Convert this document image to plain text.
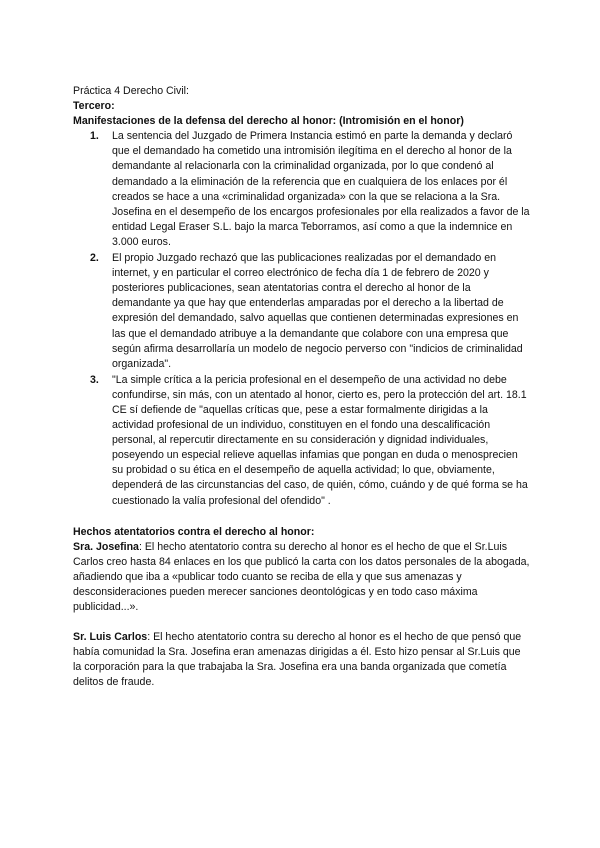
Práctica 4 Derecho Civil:

Tercero:

Manifestaciones de la defensa del derecho al honor: (Intromisión en el honor)

1. La sentencia del Juzgado de Primera Instancia estimó en parte la demanda y declaró que el demandado ha cometido una intromisión ilegítima en el derecho al honor de la demandante al relacionarla con la criminalidad organizada, por lo que condenó al demandado a la eliminación de la referencia que en cualquiera de los enlaces por él creados se hace a una «criminalidad organizada» con la que se relaciona a la Sra. Josefina en el desempeño de los encargos profesionales por ella realizados a favor de la entidad Legal Eraser S.L. bajo la marca Teborramos, así como a que la indemnice en 3.000 euros.
2. El propio Juzgado rechazó que las publicaciones realizadas por el demandado en internet, y en particular el correo electrónico de fecha día 1 de febrero de 2020 y posteriores publicaciones, sean atentatorias contra el derecho al honor de la demandante ya que hay que entenderlas amparadas por el derecho a la libertad de expresión del demandado, salvo aquellas que contienen determinadas expresiones en las que el demandado atribuye a la demandante que colabore con una empresa que según afirma desarrollaría un modelo de negocio perverso con "indicios de criminalidad organizada".
3. "La simple crítica a la pericia profesional en el desempeño de una actividad no debe confundirse, sin más, con un atentado al honor, cierto es, pero la protección del art. 18.1 CE sí defiende de "aquellas críticas que, pese a estar formalmente dirigidas a la actividad profesional de un individuo, constituyen en el fondo una descalificación personal, al repercutir directamente en su consideración y dignidad individuales, poseyendo un especial relieve aquellas infamias que pongan en duda o menosprecien su probidad o su ética en el desempeño de aquella actividad; lo que, obviamente, dependerá de las circunstancias del caso, de quién, cómo, cuándo y de qué forma se ha cuestionado la valía profesional del ofendido" .

Hechos atentatorios contra el derecho al honor:

Sra. Josefina: El hecho atentatorio contra su derecho al honor es el hecho de que el Sr.Luis Carlos creo hasta 84 enlaces en los que publicó la carta con los datos personales de la abogada, añadiendo que iba a «publicar todo cuanto se reciba de ella y que sus amenazas y desconsideraciones pueden merecer sanciones deontológicas y en todo caso máxima publicidad...».

Sr. Luis Carlos: El hecho atentatorio contra su derecho al honor es el hecho de que pensó que había comunidad la Sra. Josefina eran amenazas dirigidas a él. Esto hizo pensar al Sr.Luis que la corporación para la que trabajaba la Sra. Josefina era una banda organizada que cometía delitos de fraude.
